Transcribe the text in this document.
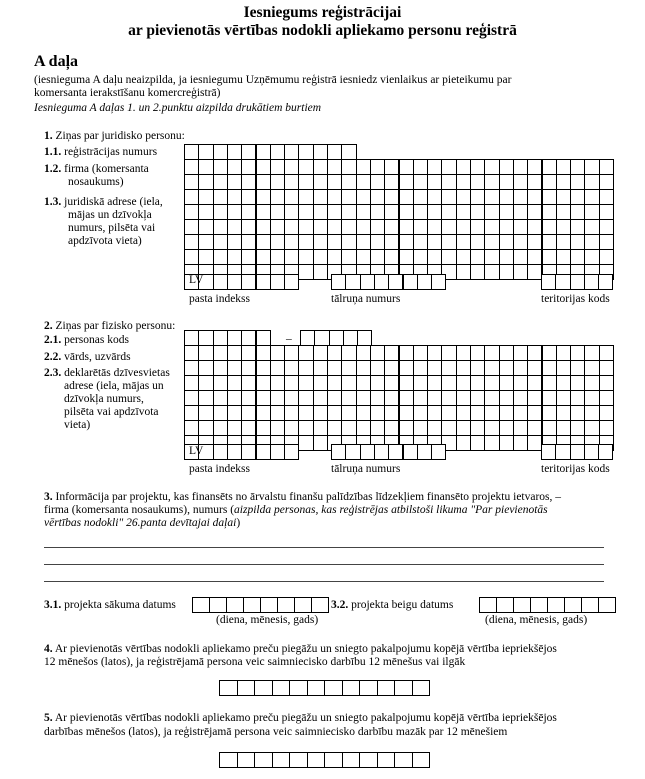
Iesniegums reģistrācijai
ar pievienotās vērtības nodokli apliekamo personu reģistrā
A daļa
(iesnieguma A daļu neaizpilda, ja iesniegumu Uzņēmumu reģistrā iesniedz vienlaikus ar pieteikumu par
komersanta ierakstīšanu komercreģistrā)
Iesnieguma A daļas 1. un 2.punktu aizpilda drukātiem burtiem
1. Ziņas par juridisko personu:
1.1. reģistrācijas numurs
1.2. firma (komersanta
nosaukums)
1.3. juridiskā adrese (iela,
mājas un dzīvokļa
numurs, pilsēta vai
apdzīvota vieta)
LV
pasta indekss	tālruņa numurs	teritorijas kods
2. Ziņas par fizisko personu:
2.1. personas kods
2.2. vārds, uzvārds
2.3. deklarētās dzīvesvietas
adrese (iela, mājas un
dzīvokļa numurs,
pilsēta vai apdzīvota
vieta)
–
LV
pasta indekss	tālruņa numurs	teritorijas kods
3. Informācija par projektu, kas finansēts no ārvalstu finanšu palīdzības līdzekļiem finansēto projektu ietvaros, –
firma (komersanta nosaukums), numurs (aizpilda personas, kas reģistrējas atbilstoši likuma "Par pievienotās
vērtības nodokli" 26.panta devītajai daļai)
3.1. projekta sākuma datums	3.2. projekta beigu datums
(diena, mēnesis, gads)	(diena, mēnesis, gads)
4. Ar pievienotās vērtības nodokli apliekamo preču piegāžu un sniegto pakalpojumu kopējā vērtība iepriekšējos
12 mēnešos (latos), ja reģistrējamā persona veic saimniecisko darbību 12 mēnešus vai ilgāk
5. Ar pievienotās vērtības nodokli apliekamo preču piegāžu un sniegto pakalpojumu kopējā vērtība iepriekšējos
darbības mēnešos (latos), ja reģistrējamā persona veic saimniecisko darbību mazāk par 12 mēnešiem
